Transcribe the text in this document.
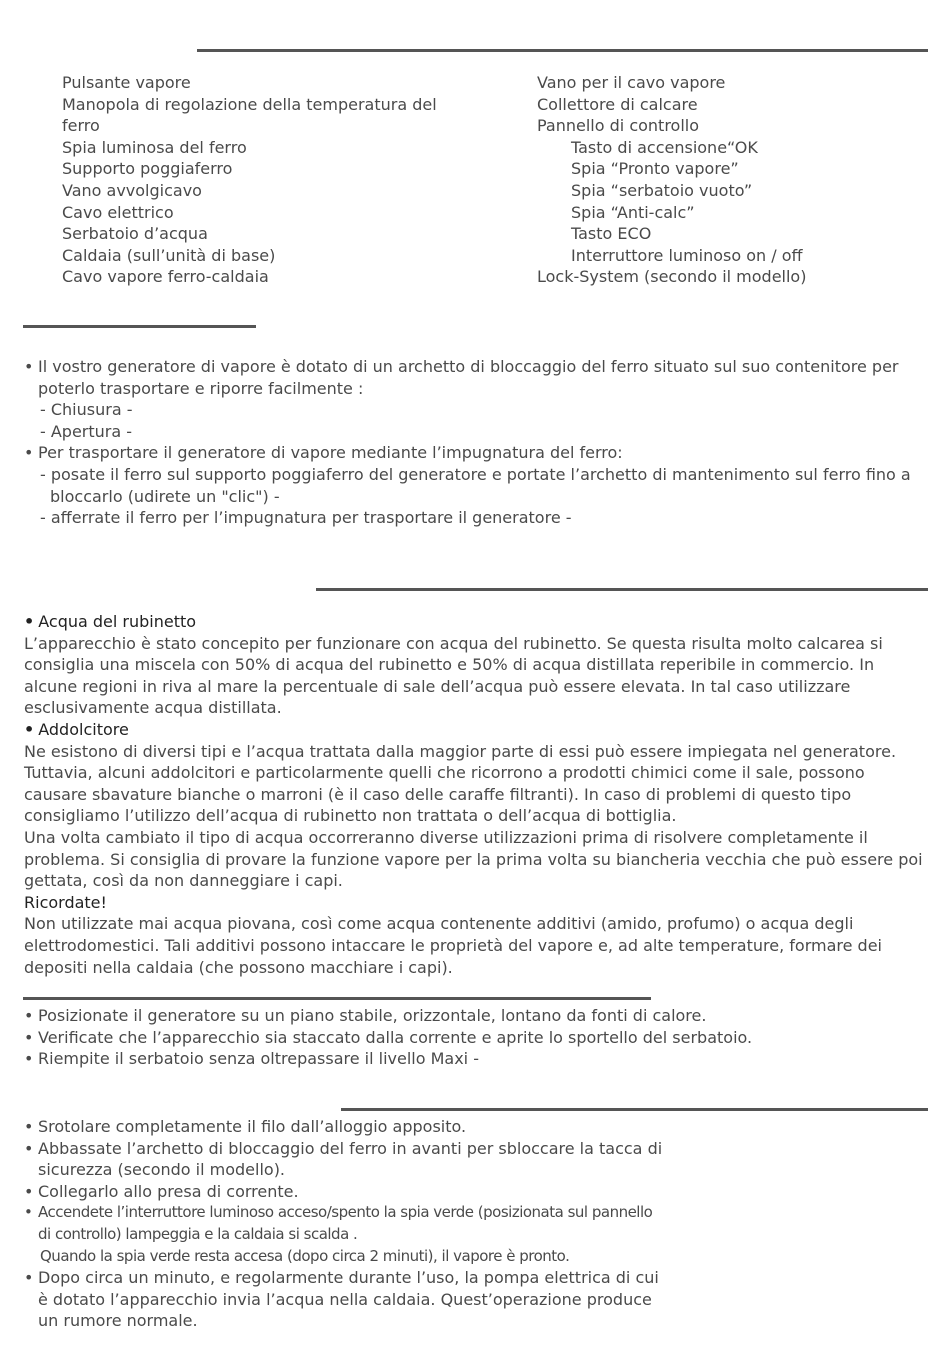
Pulsante vapore
Manopola di regolazione della temperatura del ferro
Spia luminosa del ferro
Supporto poggiaferro
Vano avvolgicavo
Cavo elettrico
Serbatoio d’acqua
Caldaia (sull’unità di base)
Cavo vapore ferro-caldaia
Vano per il cavo vapore
Collettore di calcare
Pannello di controllo
Tasto di accensione“OK
Spia “Pronto vapore”
Spia “serbatoio vuoto”
Spia “Anti-calc”
Tasto ECO
Interruttore luminoso on / off
Lock-System (secondo il modello)
• Il vostro generatore di vapore è dotato di un archetto di bloccaggio del ferro situato sul suo contenitore per poterlo trasportare e riporre facilmente :
- Chiusura -
- Apertura -
• Per trasportare il generatore di vapore mediante l’impugnatura del ferro:
- posate il ferro sul supporto poggiaferro del generatore e portate l’archetto di mantenimento sul ferro fino a
bloccarlo (udirete un "clic") -
- afferrate il ferro per l’impugnatura per trasportare il generatore -
• Acqua del rubinetto
L’apparecchio è stato concepito per funzionare con acqua del rubinetto. Se questa risulta molto calcarea si consiglia una miscela con 50% di acqua del rubinetto e 50% di acqua distillata reperibile in commercio. In alcune regioni in riva al mare la percentuale di sale dell’acqua può essere elevata. In tal caso utilizzare esclusivamente acqua distillata.
• Addolcitore
Ne esistono di diversi tipi e l’acqua trattata dalla maggior parte di essi può essere impiegata nel generatore. Tuttavia, alcuni addolcitori e particolarmente quelli che ricorrono a prodotti chimici come il sale, possono causare sbavature bianche o marroni (è il caso delle caraffe filtranti). In caso di problemi di questo tipo consigliamo l’utilizzo dell’acqua di rubinetto non trattata o dell’acqua di bottiglia.
Una volta cambiato il tipo di acqua occorreranno diverse utilizzazioni prima di risolvere completamente il problema. Si consiglia di provare la funzione vapore per la prima volta su biancheria vecchia che può essere poi gettata, così da non danneggiare i capi.
Ricordate!
Non utilizzate mai acqua piovana, così come acqua contenente additivi (amido, profumo) o acqua degli elettrodomestici. Tali additivi possono intaccare le proprietà del vapore e, ad alte temperature, formare dei depositi nella caldaia (che possono macchiare i capi).
• Posizionate il generatore su un piano stabile, orizzontale, lontano da fonti di calore.
• Verificate che l’apparecchio sia staccato dalla corrente e aprite lo sportello del serbatoio.
• Riempite il serbatoio senza oltrepassare il livello Maxi -
• Srotolare completamente il filo dall’alloggio apposito.
• Abbassate l’archetto di bloccaggio del ferro in avanti per sbloccare la tacca di
sicurezza (secondo il modello).
• Collegarlo allo presa di corrente.
• Accendete l’interruttore luminoso acceso/spento la spia verde (posizionata sul pannello
di controllo) lampeggia e la caldaia si scalda .
Quando la spia verde resta accesa (dopo circa 2 minuti), il vapore è pronto.
• Dopo circa un minuto, e regolarmente durante l’uso, la pompa elettrica di cui
è dotato l’apparecchio invia l’acqua nella caldaia. Quest’operazione produce
un rumore normale.
